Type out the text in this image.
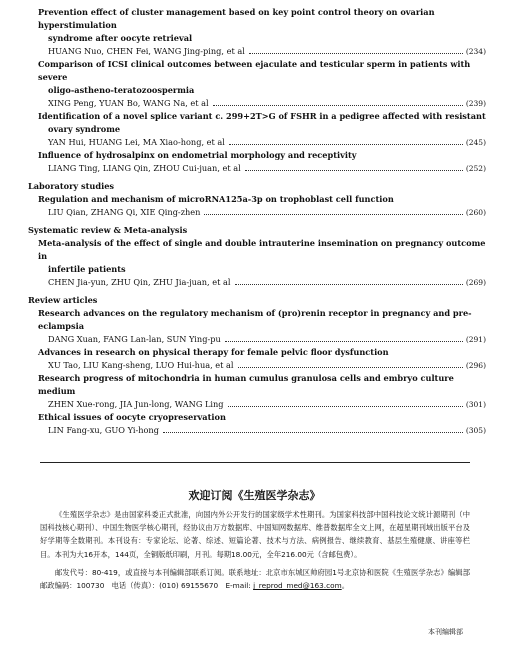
Prevention effect of cluster management based on key point control theory on ovarian hyperstimulation
syndrome after oocyte retrieval
HUANG Nuo, CHEN Fei, WANG Jing-ping, et al	(234)
Comparison of ICSI clinical outcomes between ejaculate and testicular sperm in patients with severe
oligo-astheno-teratozoospermia
XING Peng, YUAN Bo, WANG Na, et al	(239)
Identification of a novel splice variant c. 299+2T>G of FSHR in a pedigree affected with resistant
ovary syndrome
YAN Hui, HUANG Lei, MA Xiao-hong, et al	(245)
Influence of hydrosalpinx on endometrial morphology and receptivity
LIANG Ting, LIANG Qin, ZHOU Cui-juan, et al	(252)
Laboratory studies
Regulation and mechanism of microRNA125a-3p on trophoblast cell function
LIU Qian, ZHANG Qi, XIE Qing-zhen	(260)
Systematic review & Meta-analysis
Meta-analysis of the effect of single and double intrauterine insemination on pregnancy outcome in
infertile patients
CHEN Jia-yun, ZHU Qin, ZHU Jia-juan, et al	(269)
Review articles
Research advances on the regulatory mechanism of (pro)renin receptor in pregnancy and pre-eclampsia
DANG Xuan, FANG Lan-lan, SUN Ying-pu	(291)
Advances in research on physical therapy for female pelvic floor dysfunction
XU Tao, LIU Kang-sheng, LUO Hui-hua, et al	(296)
Research progress of mitochondria in human cumulus granulosa cells and embryo culture medium
ZHEN Xue-rong, JIA Jun-long, WANG Ling	(301)
Ethical issues of oocyte cryopreservation
LIN Fang-xu, GUO Yi-hong	(305)
欢迎订阅《生殖医学杂志》
《生殖医学杂志》是由国家科委正式批准，向国内外公开发行的国家级学术性期刊。为国家科技部中国科技论文统计源期刊（中国科技核心期刊）、中国生物医学核心期刊，经协议由万方数据库、中国知网数据库、维普数据库全文上网，在超星期刊域出版平台及好学期等全数期刊。本刊设有：专家论坛、论著、综述、短篇论著、技术与方法、病例报告、继续教育、基层生殖健康、讲座等栏目。本刊为大16开本，144页，全铜版纸印刷，月刊。每期18.00元，全年216.00元（含邮包费）。
邮发代号：80-419，或直接与本刊编辑部联系订阅。联系地址：北京市东城区帅府园1号北京协和医院《生殖医学杂志》编辑部　邮政编码：100730　电话（传真）：(010) 69155670　E-mail: j_reprod_med@163.com。
本刊编辑部
